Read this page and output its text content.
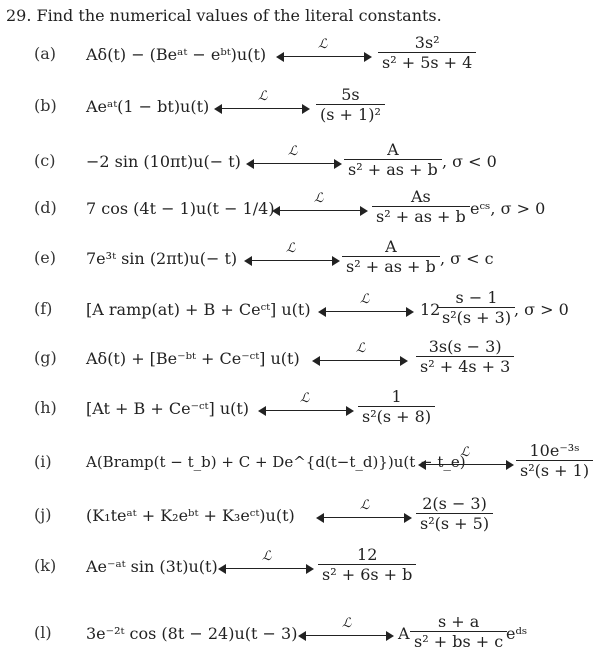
29. Find the numerical values of the literal constants.
(a) Aδ(t) − (Beᵃᵗ − eᵇᵗ)u(t)
ℒ	$\frac{\text{3s²}}{\text{s² + 5s + 4}}$
(b) Aeᵃᵗ(1 − bt)u(t)
ℒ	$\frac{5s}{\text{(s + 1)²}}$
(c) −2 sin (10πt)u(− t)
ℒ	$\frac{A}{\text{s² + as + b}}$ , σ < 0
(d) 7 cos (4t − 1)u(t − 1/4)
ℒ	$\frac{As}{\text{s² + as + b}}$ eᶜˢ, σ > 0
(e) 7e³ᵗ sin (2πt)u(− t)
ℒ	$\frac{A}{\text{s² + as + b}}$ , σ < c
(f) [A ramp(at) + B + Ceᶜᵗ] u(t)
ℒ
12
$\frac{s - 1}{\text{s²(s + 3)}}$
, σ > 0
(g) Aδ(t) + [Be⁻ᵇᵗ + Ce⁻ᶜᵗ] u(t)
ℒ	$\frac{3s(s - 3)}{\text{s² + 4s + 3}}$
(h) [At + B + Ce⁻ᶜᵗ] u(t)
ℒ	$\frac{1}{\text{s²(s + 8)}}$
(i) A(Bramp(t − t_b) + C + De^{d(t−t_d)})u(t − t_e)
ℒ	$\frac{\text{10e⁻³ˢ}}{\text{s²(s + 1)}}$
(j) (K₁teᵃᵗ + K₂eᵇᵗ + K₃eᶜᵗ)u(t)
ℒ	$\frac{2(s - 3)}{\text{s²(s + 5)}}$
(k) Ae⁻ᵃᵗ sin (3t)u(t)
ℒ	$\frac{12}{\text{s² + 6s + b}}$
(l) 3e⁻²ᵗ cos (8t − 24)u(t − 3)
ℒ
A $\frac{s + a}{\text{s² + bs + c}}$
eᵈˢ
